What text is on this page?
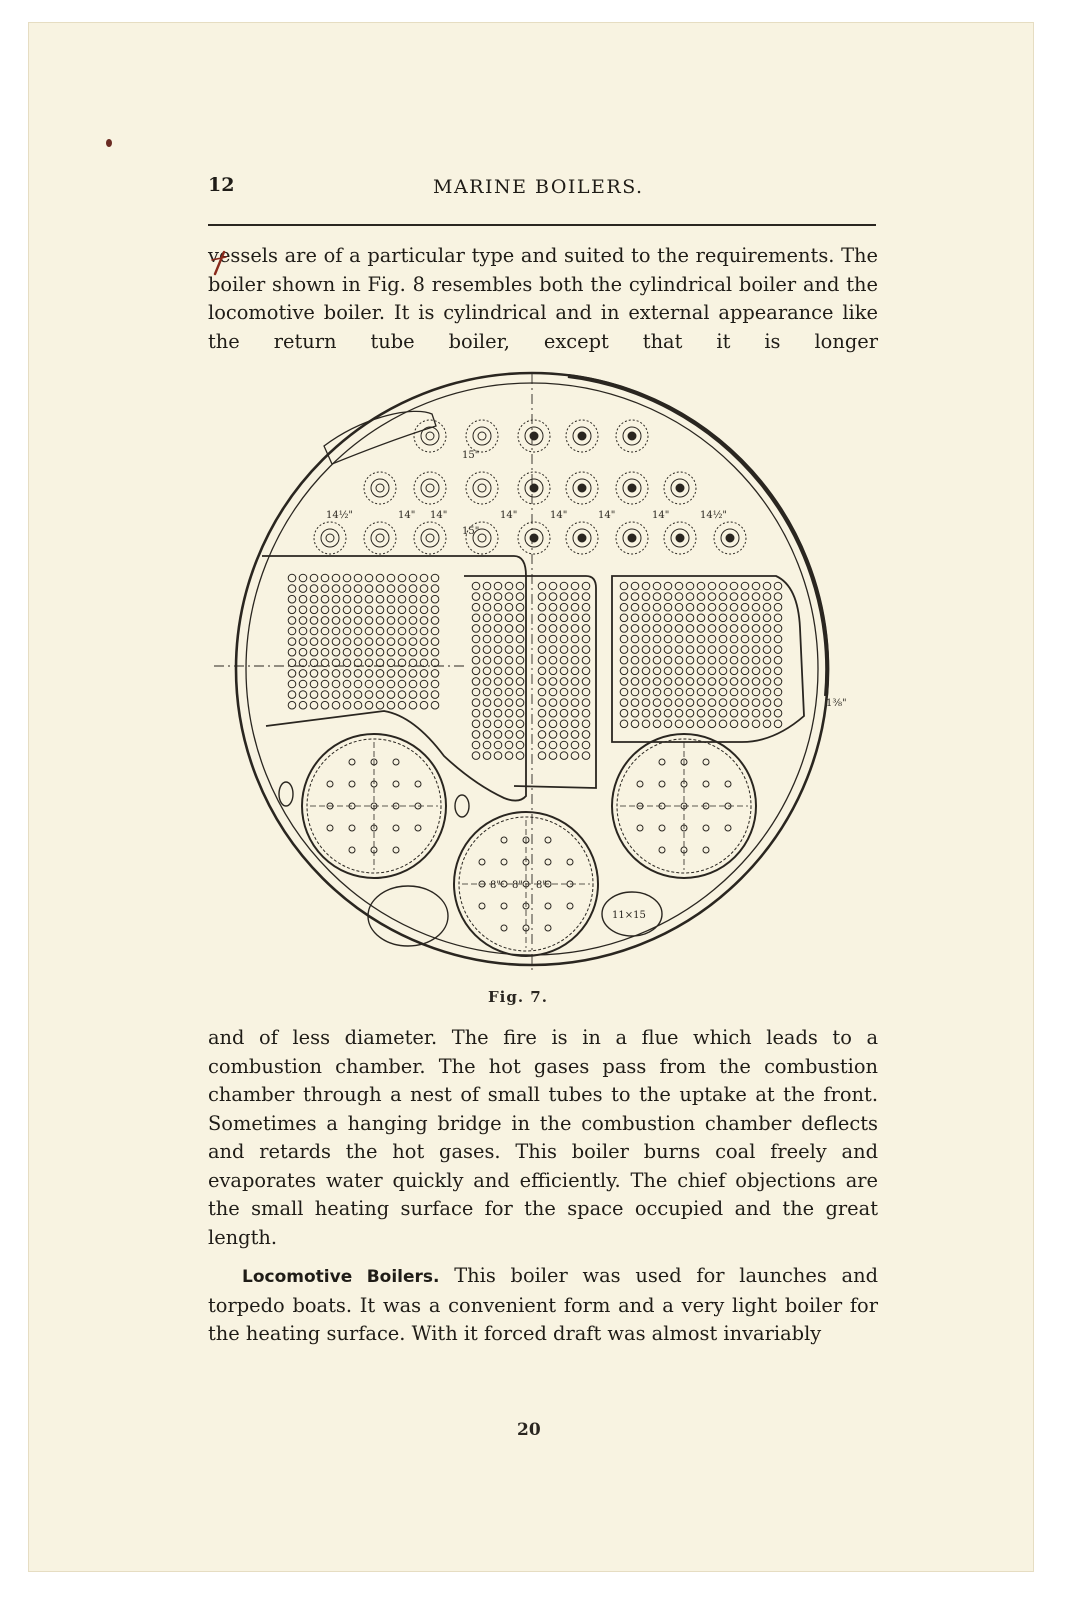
12	MARINE BOILERS.

vessels are of a particular type and suited to the requirements. The boiler shown in Fig. 8 resembles both the cylindrical boiler and the locomotive boiler. It is cylindrical and in external appearance like the return tube boiler, except that it is longer

14½"	14" 14"	14"	14"	14"	14"	14½"
15"
15"
8" 8" 8"
11×15
1⅜"
Fig. 7.

and of less diameter. The fire is in a flue which leads to a combustion chamber. The hot gases pass from the combustion chamber through a nest of small tubes to the uptake at the front. Sometimes a hanging bridge in the combustion chamber deflects and retards the hot gases. This boiler burns coal freely and evaporates water quickly and efficiently. The chief objections are the small heating surface for the space occupied and the great length.

Locomotive Boilers. This boiler was used for launches and torpedo boats. It was a convenient form and a very light boiler for the heating surface. With it forced draft was almost invariably
20
